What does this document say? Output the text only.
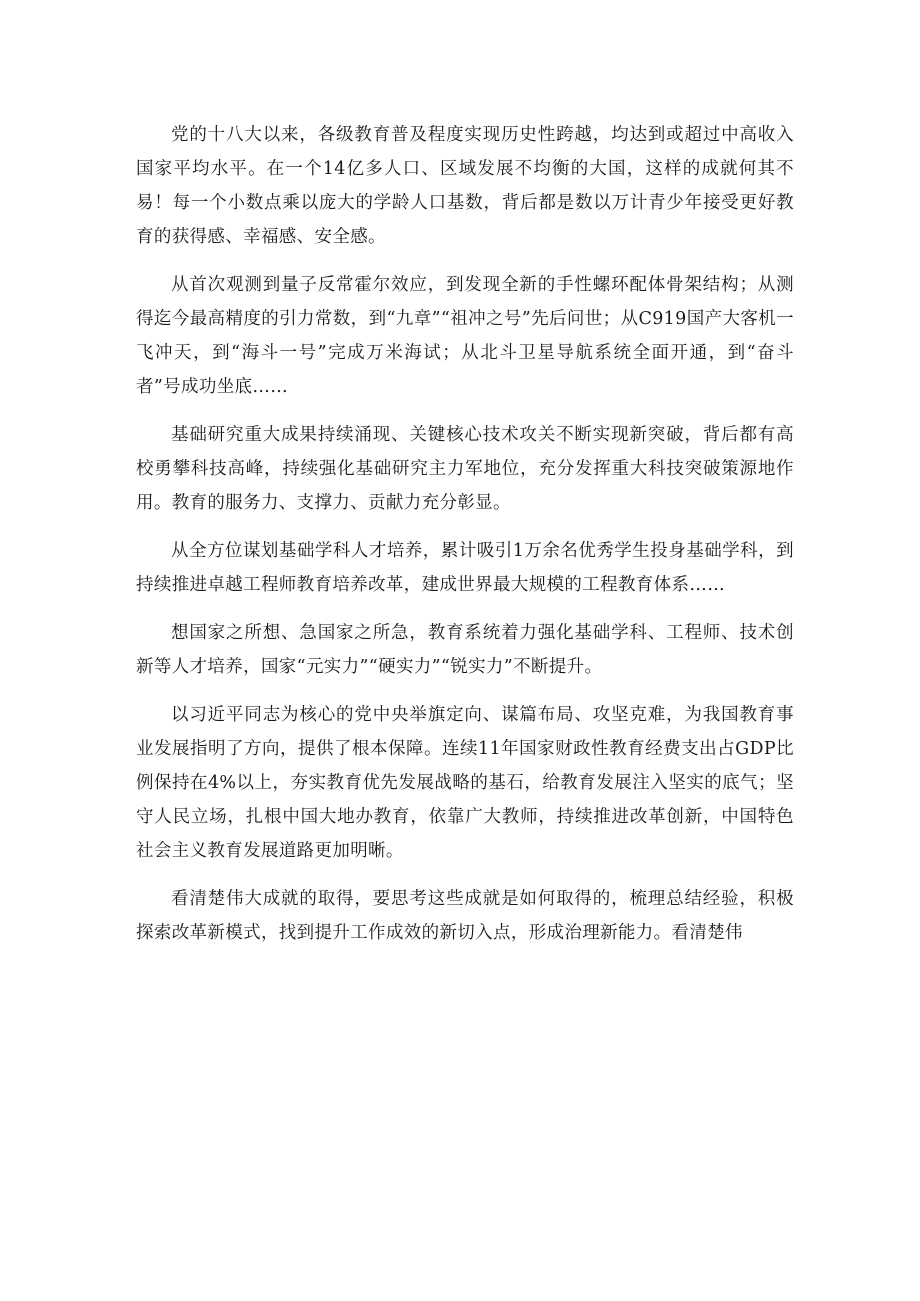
党的十八大以来，各级教育普及程度实现历史性跨越，均达到或超过中高收入国家平均水平。在一个14亿多人口、区域发展不均衡的大国，这样的成就何其不易！每一个小数点乘以庞大的学龄人口基数，背后都是数以万计青少年接受更好教育的获得感、幸福感、安全感。

从首次观测到量子反常霍尔效应，到发现全新的手性螺环配体骨架结构；从测得迄今最高精度的引力常数，到“九章”“祖冲之号”先后问世；从C919国产大客机一飞冲天，到“海斗一号”完成万米海试；从北斗卫星导航系统全面开通，到“奋斗者”号成功坐底……

基础研究重大成果持续涌现、关键核心技术攻关不断实现新突破，背后都有高校勇攀科技高峰，持续强化基础研究主力军地位，充分发挥重大科技突破策源地作用。教育的服务力、支撑力、贡献力充分彰显。

从全方位谋划基础学科人才培养，累计吸引1万余名优秀学生投身基础学科，到持续推进卓越工程师教育培养改革，建成世界最大规模的工程教育体系……

想国家之所想、急国家之所急，教育系统着力强化基础学科、工程师、技术创新等人才培养，国家“元实力”“硬实力”“锐实力”不断提升。

以习近平同志为核心的党中央举旗定向、谋篇布局、攻坚克难，为我国教育事业发展指明了方向，提供了根本保障。连续11年国家财政性教育经费支出占GDP比例保持在4%以上，夯实教育优先发展战略的基石，给教育发展注入坚实的底气；坚守人民立场，扎根中国大地办教育，依靠广大教师，持续推进改革创新，中国特色社会主义教育发展道路更加明晰。

看清楚伟大成就的取得，要思考这些成就是如何取得的，梳理总结经验，积极探索改革新模式，找到提升工作成效的新切入点，形成治理新能力。看清楚伟
